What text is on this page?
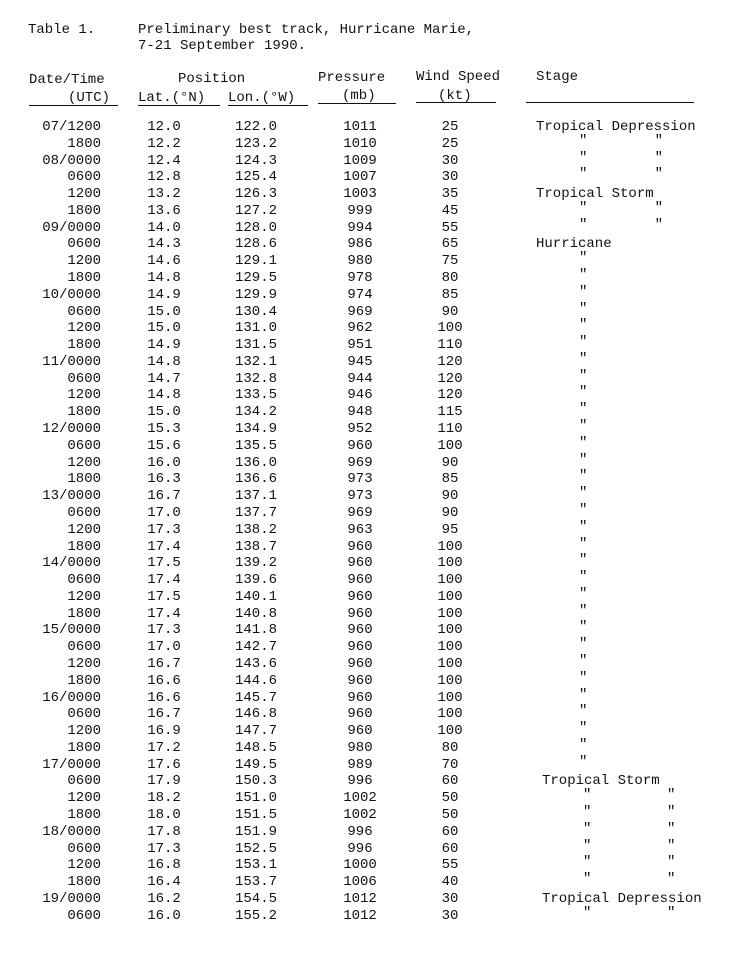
Table 1.	Preliminary best track, Hurricane Marie,
7-21 September 1990.
Date/Time
(UTC)
Position
Lat.(°N) Lon.(°W)
Pressure
(mb)
Wind Speed
(kt)
Stage
07/1200	12.0	122.0	1011	25	Tropical Depression
1800	12.2	123.2	1010	25	"        "
08/0000	12.4	124.3	1009	30	"        "
0600	12.8	125.4	1007	30	"        "
1200	13.2	126.3	1003	35	Tropical Storm
1800	13.6	127.2	999	45	"        "
09/0000	14.0	128.0	994	55	"        "
0600	14.3	128.6	986	65	Hurricane
1200	14.6	129.1	980	75	"
1800	14.8	129.5	978	80	"
10/0000	14.9	129.9	974	85	"
0600	15.0	130.4	969	90	"
1200	15.0	131.0	962	100	"
1800	14.9	131.5	951	110	"
11/0000	14.8	132.1	945	120	"
0600	14.7	132.8	944	120	"
1200	14.8	133.5	946	120	"
1800	15.0	134.2	948	115	"
12/0000	15.3	134.9	952	110	"
0600	15.6	135.5	960	100	"
1200	16.0	136.0	969	90	"
1800	16.3	136.6	973	85	"
13/0000	16.7	137.1	973	90	"
0600	17.0	137.7	969	90	"
1200	17.3	138.2	963	95	"
1800	17.4	138.7	960	100	"
14/0000	17.5	139.2	960	100	"
0600	17.4	139.6	960	100	"
1200	17.5	140.1	960	100	"
1800	17.4	140.8	960	100	"
15/0000	17.3	141.8	960	100	"
0600	17.0	142.7	960	100	"
1200	16.7	143.6	960	100	"
1800	16.6	144.6	960	100	"
16/0000	16.6	145.7	960	100	"
0600	16.7	146.8	960	100	"
1200	16.9	147.7	960	100	"
1800	17.2	148.5	980	80	"
17/0000	17.6	149.5	989	70	"
0600	17.9	150.3	996	60	Tropical Storm
1200	18.2	151.0	1002	50	"         "
1800	18.0	151.5	1002	50	"         "
18/0000	17.8	151.9	996	60	"         "
0600	17.3	152.5	996	60	"         "
1200	16.8	153.1	1000	55	"         "
1800	16.4	153.7	1006	40	"         "
19/0000	16.2	154.5	1012	30	Tropical Depression
0600	16.0	155.2	1012	30	"         "
